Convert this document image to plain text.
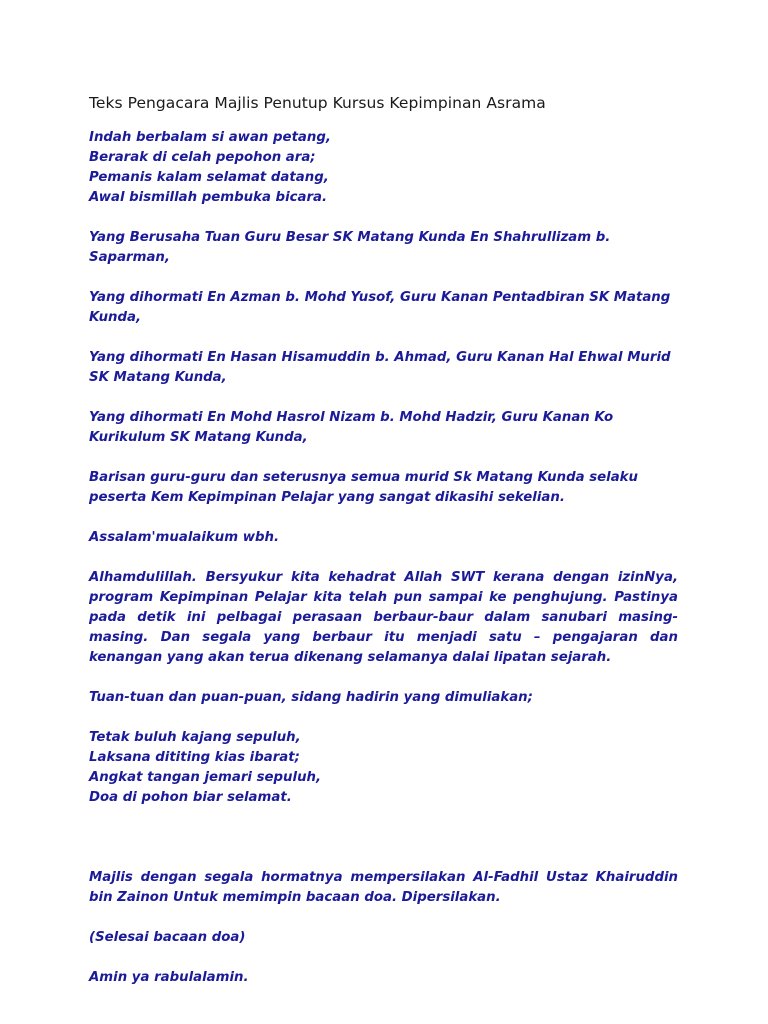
Teks Pengacara Majlis Penutup Kursus Kepimpinan Asrama
Indah berbalam si awan petang,
Berarak di celah pepohon ara;
Pemanis kalam selamat datang,
Awal bismillah pembuka bicara.

Yang Berusaha Tuan Guru Besar SK Matang Kunda En Shahrullizam b. Saparman,

Yang dihormati En Azman b. Mohd Yusof, Guru Kanan Pentadbiran SK Matang Kunda,

Yang dihormati En Hasan Hisamuddin b. Ahmad, Guru Kanan Hal Ehwal Murid SK Matang Kunda,

Yang dihormati En Mohd Hasrol Nizam b. Mohd Hadzir, Guru Kanan Ko Kurikulum SK Matang Kunda,

Barisan guru-guru dan seterusnya semua murid Sk Matang Kunda selaku peserta Kem Kepimpinan Pelajar yang sangat dikasihi sekelian.

Assalam'mualaikum wbh.

Alhamdulillah. Bersyukur kita kehadrat Allah SWT kerana dengan izinNya, program Kepimpinan Pelajar kita telah pun sampai ke penghujung. Pastinya pada detik ini pelbagai perasaan berbaur-baur dalam sanubari masing-masing. Dan segala yang berbaur itu menjadi satu – pengajaran dan kenangan yang akan terua dikenang selamanya dalai lipatan sejarah.

Tuan-tuan dan puan-puan, sidang hadirin yang dimuliakan;

Tetak buluh kajang sepuluh,
Laksana dititing kias ibarat;
Angkat tangan jemari sepuluh,
Doa di pohon biar selamat.

Majlis dengan segala hormatnya mempersilakan Al-Fadhil Ustaz Khairuddin bin Zainon Untuk memimpin bacaan doa. Dipersilakan.

(Selesai bacaan doa)

Amin ya rabulalamin.
